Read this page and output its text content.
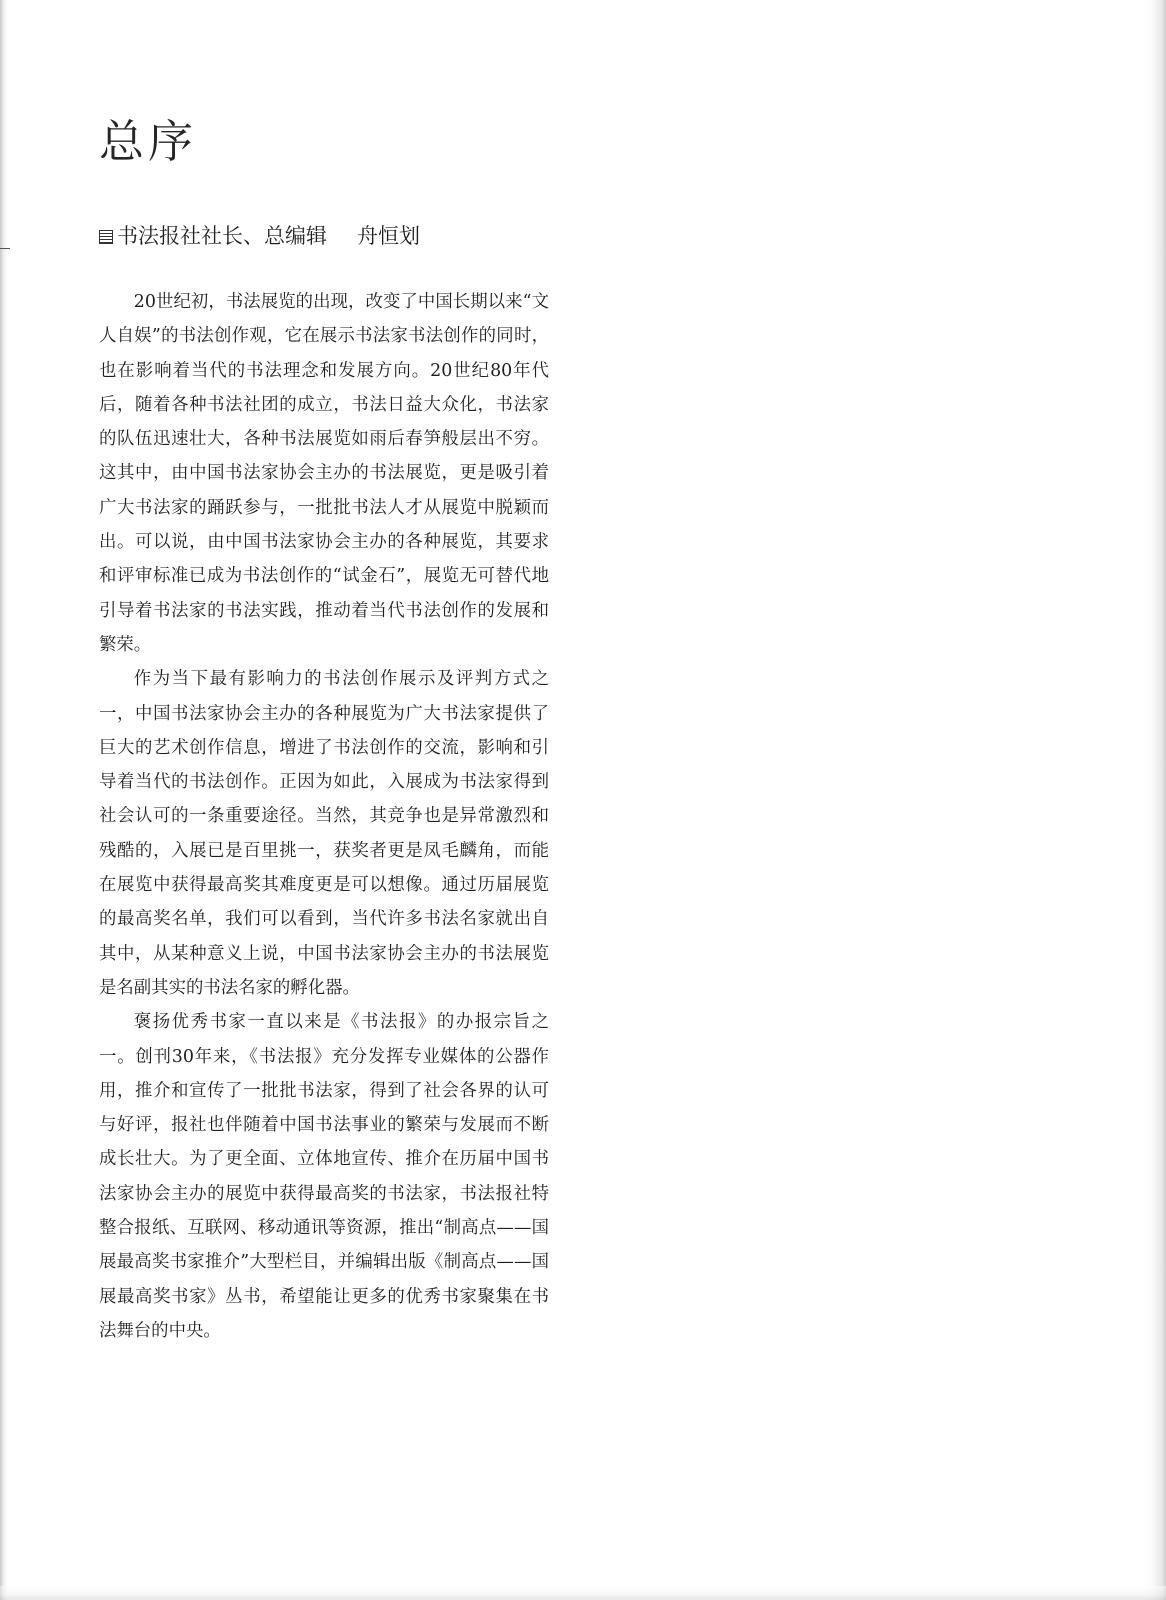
总序
书法报社社长、总编辑 舟恒划

20世纪初，书法展览的出现，改变了中国长期以来“文人自娱”的书法创作观，它在展示书法家书法创作的同时，也在影响着当代的书法理念和发展方向。20世纪80年代后，随着各种书法社团的成立，书法日益大众化，书法家的队伍迅速壮大，各种书法展览如雨后春笋般层出不穷。这其中，由中国书法家协会主办的书法展览，更是吸引着广大书法家的踊跃参与，一批批书法人才从展览中脱颖而出。可以说，由中国书法家协会主办的各种展览，其要求和评审标准已成为书法创作的“试金石”，展览无可替代地引导着书法家的书法实践，推动着当代书法创作的发展和繁荣。

作为当下最有影响力的书法创作展示及评判方式之一，中国书法家协会主办的各种展览为广大书法家提供了巨大的艺术创作信息，增进了书法创作的交流，影响和引导着当代的书法创作。正因为如此，入展成为书法家得到社会认可的一条重要途径。当然，其竞争也是异常激烈和残酷的，入展已是百里挑一，获奖者更是凤毛麟角，而能在展览中获得最高奖其难度更是可以想像。通过历届展览的最高奖名单，我们可以看到，当代许多书法名家就出自其中，从某种意义上说，中国书法家协会主办的书法展览是名副其实的书法名家的孵化器。

褒扬优秀书家一直以来是《书法报》的办报宗旨之一。创刊30年来，《书法报》充分发挥专业媒体的公器作用，推介和宣传了一批批书法家，得到了社会各界的认可与好评，报社也伴随着中国书法事业的繁荣与发展而不断成长壮大。为了更全面、立体地宣传、推介在历届中国书法家协会主办的展览中获得最高奖的书法家，书法报社特整合报纸、互联网、移动通讯等资源，推出“制高点——国展最高奖书家推介”大型栏目，并编辑出版《制高点——国展最高奖书家》丛书，希望能让更多的优秀书家聚集在书法舞台的中央。
